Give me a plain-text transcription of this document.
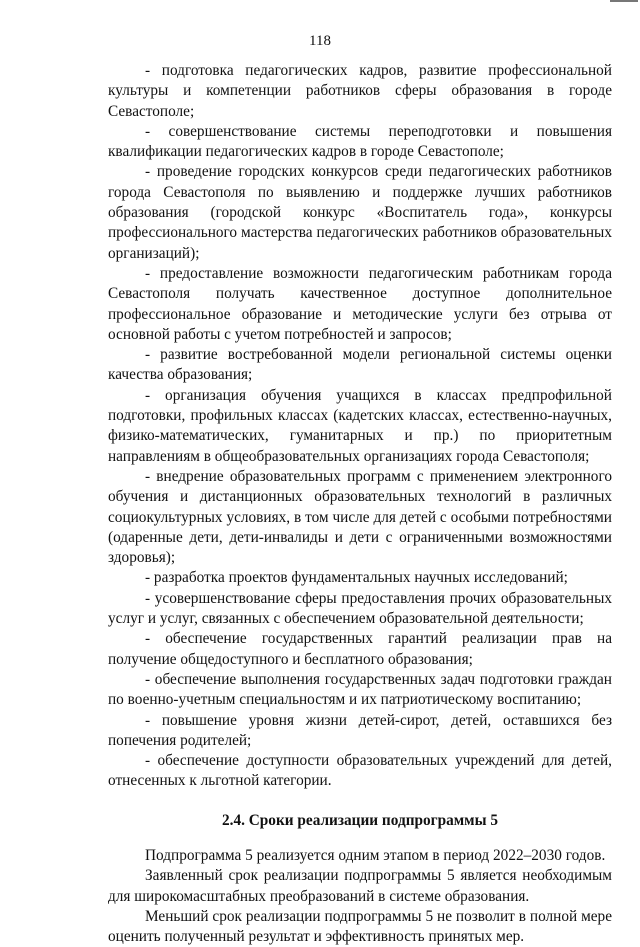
118

- подготовка педагогических кадров, развитие профессиональной культуры и компетенции работников сферы образования в городе Севастополе;

- совершенствование системы переподготовки и повышения квалификации педагогических кадров в городе Севастополе;

- проведение городских конкурсов среди педагогических работников города Севастополя по выявлению и поддержке лучших работников образования (городской конкурс «Воспитатель года», конкурсы профессионального мастерства педагогических работников образовательных организаций);

- предоставление возможности педагогическим работникам города Севастополя получать качественное доступное дополнительное профессиональное образование и методические услуги без отрыва от основной работы с учетом потребностей и запросов;

- развитие востребованной модели региональной системы оценки качества образования;

- организация обучения учащихся в классах предпрофильной подготовки, профильных классах (кадетских классах, естественно-научных, физико-математических, гуманитарных и пр.) по приоритетным направлениям в общеобразовательных организациях города Севастополя;

- внедрение образовательных программ с применением электронного обучения и дистанционных образовательных технологий в различных социокультурных условиях, в том числе для детей с особыми потребностями (одаренные дети, дети-инвалиды и дети с ограниченными возможностями здоровья);

- разработка проектов фундаментальных научных исследований;

- усовершенствование сферы предоставления прочих образовательных услуг и услуг, связанных с обеспечением образовательной деятельности;

- обеспечение государственных гарантий реализации прав на получение общедоступного и бесплатного образования;

- обеспечение выполнения государственных задач подготовки граждан по военно-учетным специальностям и их патриотическому воспитанию;

- повышение уровня жизни детей-сирот, детей, оставшихся без попечения родителей;

- обеспечение доступности образовательных учреждений для детей, отнесенных к льготной категории.

2.4. Сроки реализации подпрограммы 5

Подпрограмма 5 реализуется одним этапом в период 2022–2030 годов.

Заявленный срок реализации подпрограммы 5 является необходимым для широкомасштабных преобразований в системе образования.

Меньший срок реализации подпрограммы 5 не позволит в полной мере оценить полученный результат и эффективность принятых мер.
